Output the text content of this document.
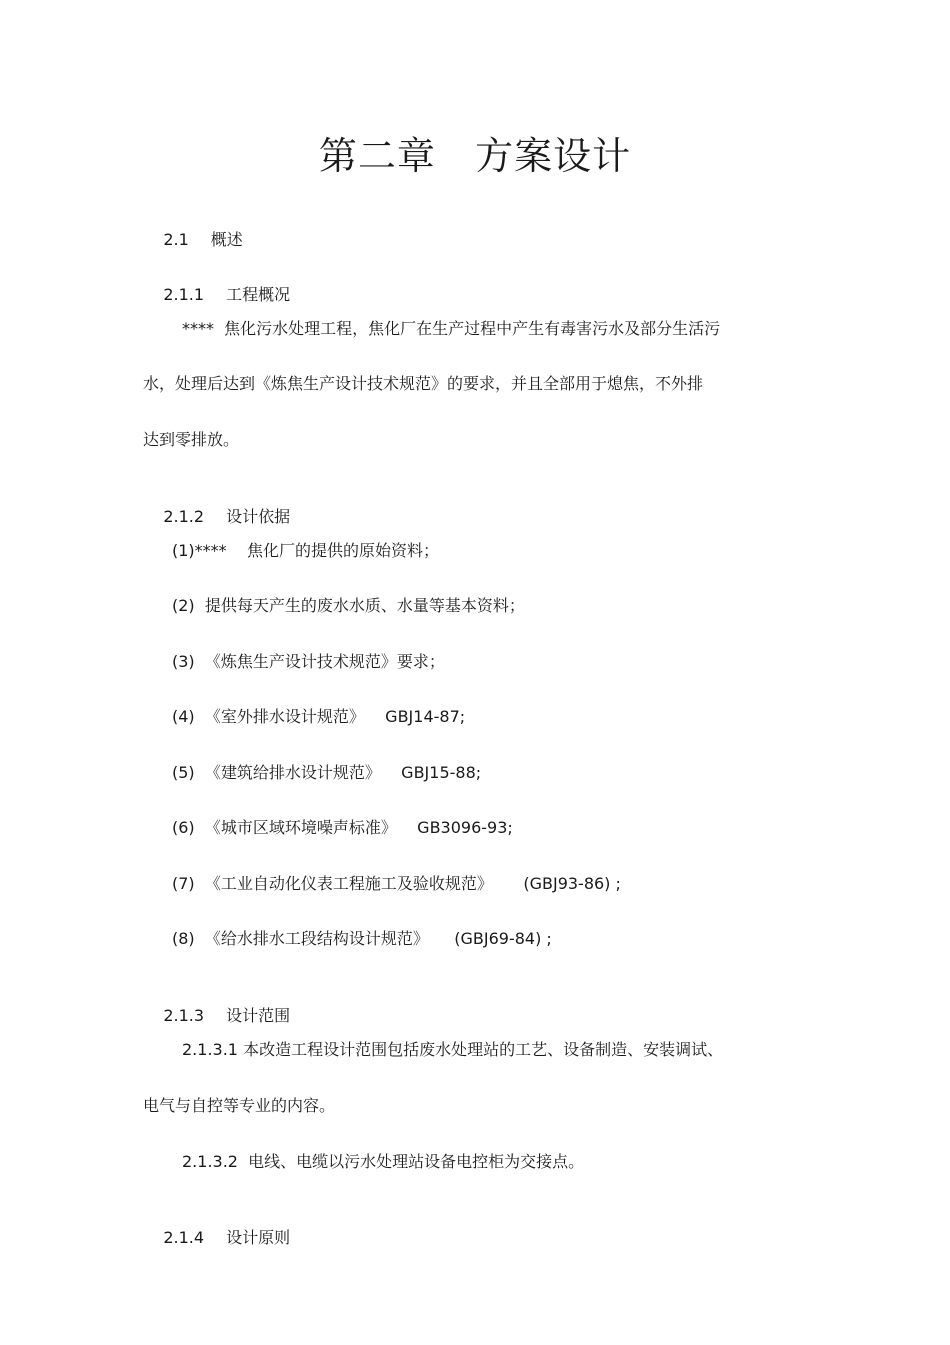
第二章   方案设计

2.1 概述

2.1.1 工程概况

****  焦化污水处理工程，焦化厂在生产过程中产生有毒害污水及部分生活污
水，处理后达到《炼焦生产设计技术规范》的要求，并且全部用于熄焦，不外排
达到零排放。

2.1.2 设计依据

(1)****    焦化厂的提供的原始资料；
(2)  提供每天产生的废水水质、水量等基本资料；
(3)  《炼焦生产设计技术规范》要求；
(4)  《室外排水设计规范》    GBJ14-87;
(5)  《建筑给排水设计规范》    GBJ15-88;
(6)  《城市区域环境噪声标准》    GB3096-93;
(7)  《工业自动化仪表工程施工及验收规范》      (GBJ93-86) ;
(8)  《给水排水工段结构设计规范》     (GBJ69-84) ;

2.1.3 设计范围

2.1.3.1 本改造工程设计范围包括废水处理站的工艺、设备制造、安装调试、
电气与自控等专业的内容。
2.1.3.2  电线、电缆以污水处理站设备电控柜为交接点。

2.1.4 设计原则
